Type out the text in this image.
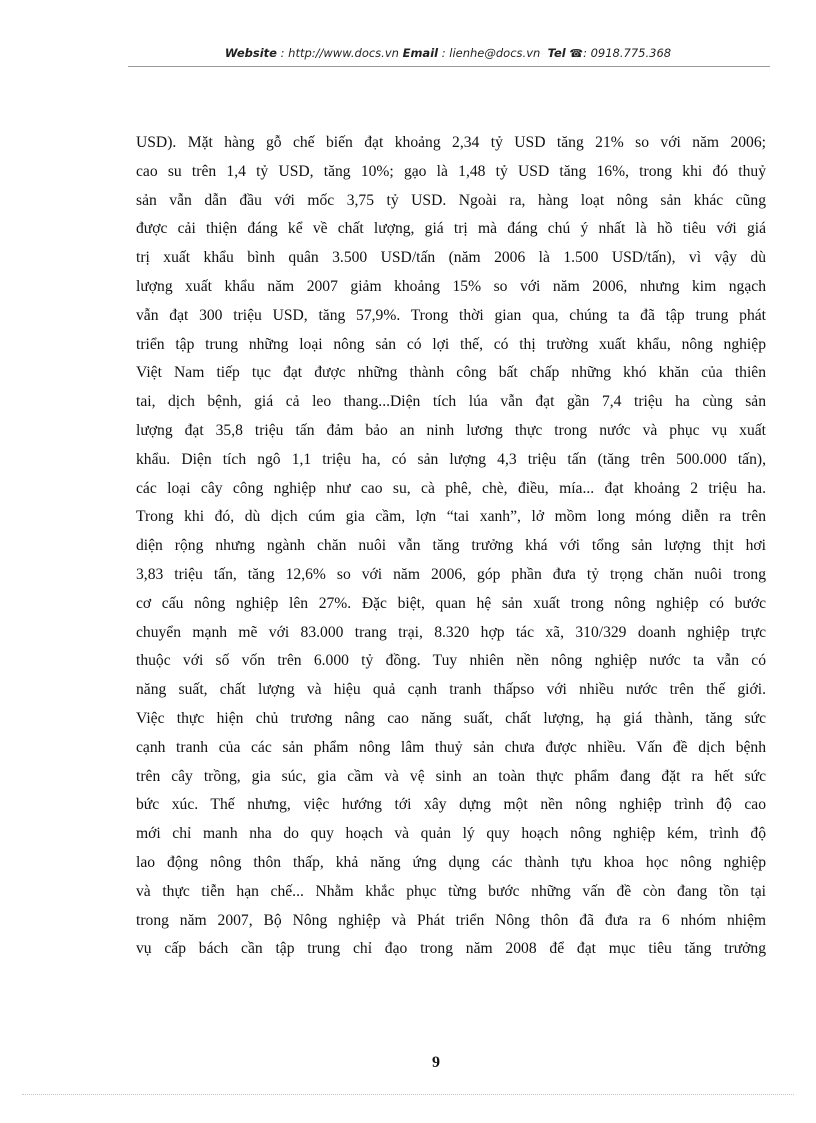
Website : http://www.docs.vn Email : lienhe@docs.vn Tel ☎: 0918.775.368
USD). Mặt hàng gỗ chế biến đạt khoảng 2,34 tỷ USD tăng 21% so với năm 2006;
cao su trên 1,4 tỷ USD, tăng 10%; gạo là 1,48 tỷ USD tăng 16%, trong khi đó thuỷ
sản vẫn dẫn đầu với mốc 3,75 tỷ USD. Ngoài ra, hàng loạt nông sản khác cũng
được cải thiện đáng kể về chất lượng, giá trị mà đáng chú ý nhất là hồ tiêu với giá
trị xuất khẩu bình quân 3.500 USD/tấn (năm 2006 là 1.500 USD/tấn), vì vậy dù
lượng xuất khẩu năm 2007 giảm khoảng 15% so với năm 2006, nhưng kim ngạch
vẫn đạt 300 triệu USD, tăng 57,9%. Trong thời gian qua, chúng ta đã tập trung phát
triển tập trung những loại nông sản có lợi thế, có thị trường xuất khẩu, nông nghiệp
Việt Nam tiếp tục đạt được những thành công bất chấp những khó khăn của thiên
tai, dịch bệnh, giá cả leo thang...Diện tích lúa vẫn đạt gần 7,4 triệu ha cùng sản
lượng đạt 35,8 triệu tấn đảm bảo an ninh lương thực trong nước và phục vụ xuất
khẩu. Diện tích ngô 1,1 triệu ha, có sản lượng 4,3 triệu tấn (tăng trên 500.000 tấn),
các loại cây công nghiệp như cao su, cà phê, chè, điều, mía... đạt khoảng 2 triệu ha.
Trong khi đó, dù dịch cúm gia cầm, lợn “tai xanh”, lở mồm long móng diễn ra trên
diện rộng nhưng ngành chăn nuôi vẫn tăng trưởng khá với tổng sản lượng thịt hơi
3,83 triệu tấn, tăng 12,6% so với năm 2006, góp phần đưa tỷ trọng chăn nuôi trong
cơ cấu nông nghiệp lên 27%. Đặc biệt, quan hệ sản xuất trong nông nghiệp có bước
chuyển mạnh mẽ với 83.000 trang trại, 8.320 hợp tác xã, 310/329 doanh nghiệp trực
thuộc với số vốn trên 6.000 tỷ đồng. Tuy nhiên nền nông nghiệp nước ta vẫn có
năng suất, chất lượng và hiệu quả cạnh tranh thấpso với nhiều nước trên thế giới.
Việc thực hiện chủ trương nâng cao năng suất, chất lượng, hạ giá thành, tăng sức
cạnh tranh của các sản phẩm nông lâm thuỷ sản chưa được nhiều. Vấn đề dịch bệnh
trên cây trồng, gia súc, gia cầm và vệ sinh an toàn thực phẩm đang đặt ra hết sức
bức xúc. Thế nhưng, việc hướng tới xây dựng một nền nông nghiệp trình độ cao
mới chỉ manh nha do quy hoạch và quản lý quy hoạch nông nghiệp kém, trình độ
lao động nông thôn thấp, khả năng ứng dụng các thành tựu khoa học nông nghiệp
và thực tiễn hạn chế... Nhằm khắc phục từng bước những vấn đề còn đang tồn tại
trong năm 2007, Bộ Nông nghiệp và Phát triển Nông thôn đã đưa ra 6 nhóm nhiệm
vụ cấp bách cần tập trung chỉ đạo trong năm 2008 để đạt mục tiêu tăng trưởng
9
